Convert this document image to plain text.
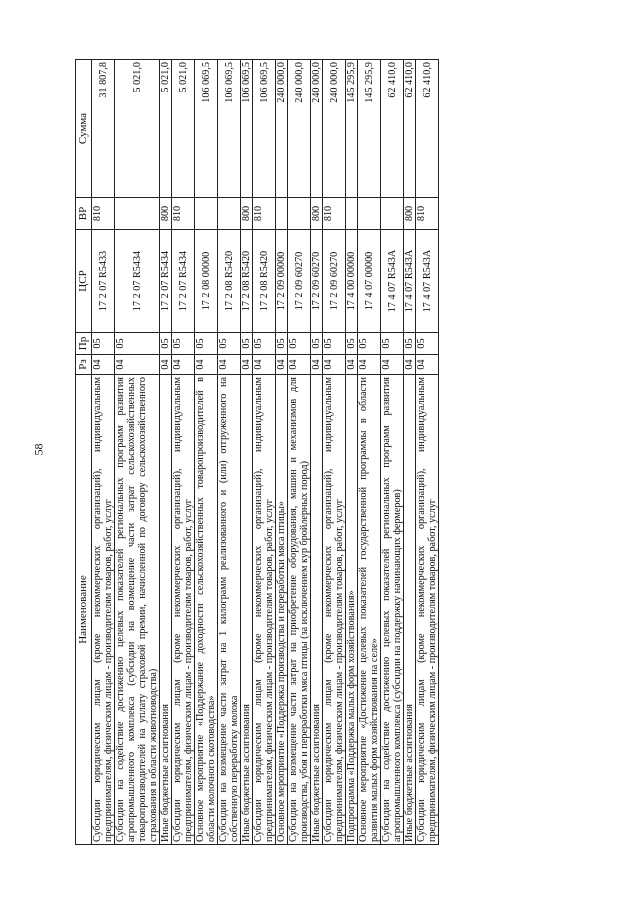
58
Наименование	Рз	Пр	ЦСР	ВР	Сумма
Субсидии юридическим лицам (кроме некоммерческих организаций), индивидуальным предпринимателям, физическим лицам - производителям товаров, работ, услуг	04	05	17 2 07 R5433	810	31 807,8
Субсидии на содействие достижению целевых показателей региональных программ развития агропромышленного комплекса (субсидии на возмещение части затрат сельскохозяйственных товаропроизводителей на уплату страховой премии, начисленной по договору сельскохозяйственного страхования в области животноводства)	04	05	17 2 07 R5434		5 021,0
Иные бюджетные ассигнования	04	05	17 2 07 R5434	800	5 021,0
Субсидии юридическим лицам (кроме некоммерческих организаций), индивидуальным предпринимателям, физическим лицам - производителям товаров, работ, услуг	04	05	17 2 07 R5434	810	5 021,0
Основное мероприятие «Поддержание доходности сельскохозяйственных товаропроизводителей в области молочного скотоводства»	04	05	17 2 08 00000		106 069,5
Субсидии на возмещение части затрат на 1 килограмм реализованного и (или) отгруженного на собственную переработку молока	04	05	17 2 08 R5420		106 069,5
Иные бюджетные ассигнования	04	05	17 2 08 R5420	800	106 069,5
Субсидии юридическим лицам (кроме некоммерческих организаций), индивидуальным предпринимателям, физическим лицам - производителям товаров, работ, услуг	04	05	17 2 08 R5420	810	106 069,5
Основное мероприятие «Поддержка производства и переработки мяса птицы»	04	05	17 2 09 00000		240 000,0
Субсидии на возмещение части затрат на приобретение оборудования, машин и механизмов для производства, убоя и переработки мяса птицы (за исключением кур бройлерных пород)	04	05	17 2 09 60270		240 000,0
Иные бюджетные ассигнования	04	05	17 2 09 60270	800	240 000,0
Субсидии юридическим лицам (кроме некоммерческих организаций), индивидуальным предпринимателям, физическим лицам - производителям товаров, работ, услуг	04	05	17 2 09 60270	810	240 000,0
Подпрограмма «Поддержка малых форм хозяйствования»	04	05	17 4 00 00000		145 295,9
Основное мероприятие «Достижение целевых показателей государственной программы в области развития малых форм хозяйствования на селе»	04	05	17 4 07 00000		145 295,9
Субсидии на содействие достижению целевых показателей региональных программ развития агропромышленного комплекса (субсидии на поддержку начинающих фермеров)	04	05	17 4 07 R543A		62 410,0
Иные бюджетные ассигнования	04	05	17 4 07 R543A	800	62 410,0
Субсидии юридическим лицам (кроме некоммерческих организаций), индивидуальным предпринимателям, физическим лицам - производителям товаров, работ, услуг	04	05	17 4 07 R543A	810	62 410,0
